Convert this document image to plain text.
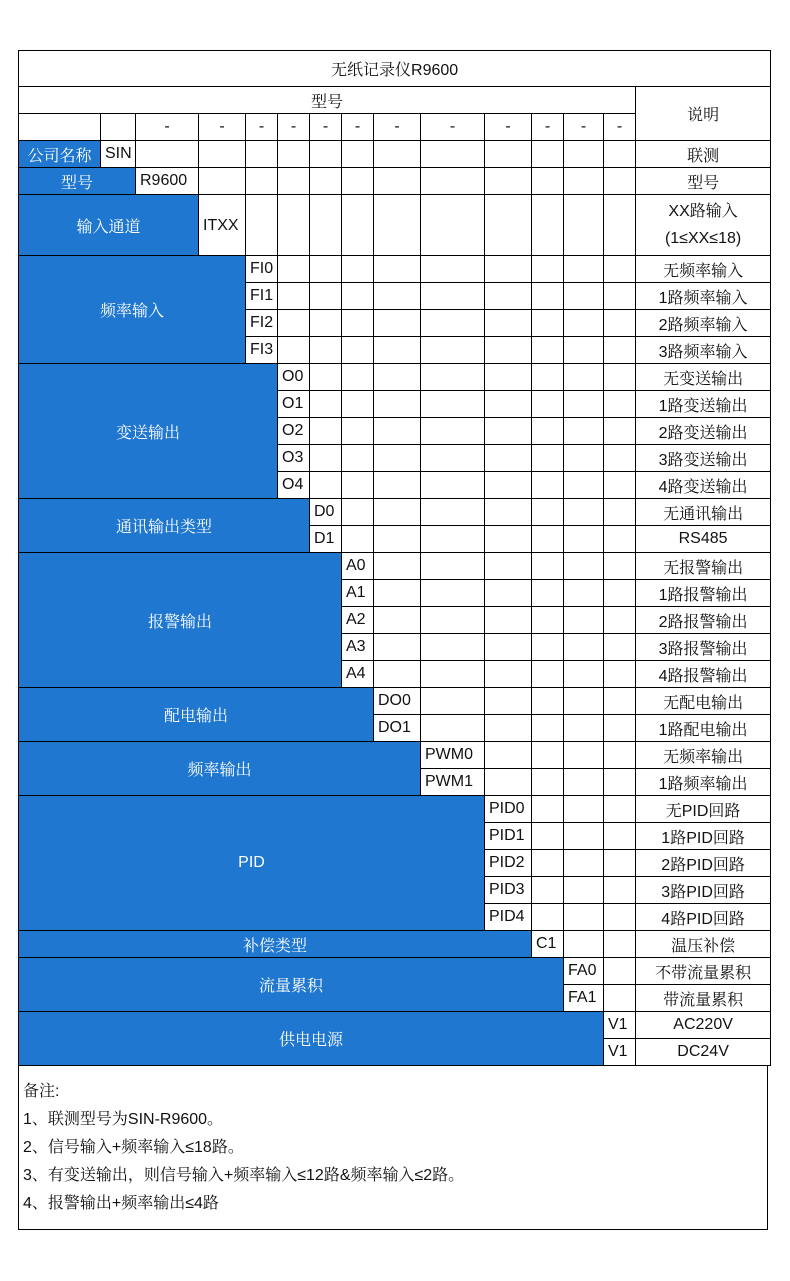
无纸记录仪R9600														
型号														说明
		-	-	-	-	-	-	-	-	-	-	-	-	
公司名称	SIN													联测
型号		R9600												型号
输入通道			ITXX											XX路输入
(1≤XX≤18)

频率输入				FI0										无频率输入
				FI1										1路频率输入
				FI2										2路频率输入
				FI3										3路频率输入
变送输出					O0									无变送输出
					O1									1路变送输出
					O2									2路变送输出
					O3									3路变送输出
					O4									4路变送输出
通讯输出类型						D0								无通讯输出
						D1								RS485
报警输出							A0							无报警输出
							A1							1路报警输出
							A2							2路报警输出
							A3							3路报警输出
							A4							4路报警输出
配电输出								DO0						无配电输出
								DO1						1路配电输出
频率输出									PWM0					无频率输出
									PWM1					1路频率输出
PID										PID0				无PID回路
										PID1				1路PID回路
										PID2				2路PID回路
										PID3				3路PID回路
										PID4				4路PID回路
补偿类型											C1			温压补偿
流量累积												FA0		不带流量累积
												FA1		带流量累积
供电电源													V1	AC220V
													V1	DC24V
备注:
1、联测型号为SIN-R9600。
2、信号输入+频率输入≤18路。
3、有变送输出，则信号输入+频率输入≤12路&频率输入≤2路。
4、报警输出+频率输出≤4路
